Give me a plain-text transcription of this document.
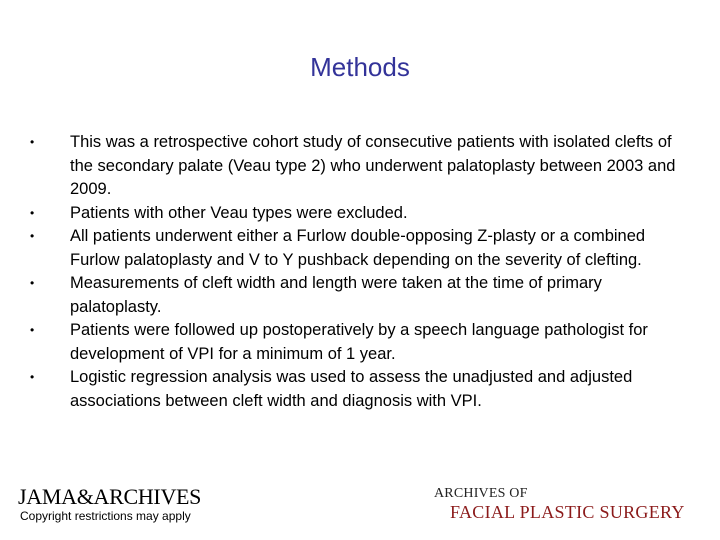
Methods
• This was a retrospective cohort study of consecutive patients with isolated clefts of the secondary palate (Veau type 2) who underwent palatoplasty between 2003 and 2009.
• Patients with other Veau types were excluded.
• All patients underwent either a Furlow double-opposing Z-plasty or a combined Furlow palatoplasty and V to Y pushback depending on the severity of clefting.
• Measurements of cleft width and length were taken at the time of primary palatoplasty.
• Patients were followed up postoperatively by a speech language pathologist for development of VPI for a minimum of 1 year.
• Logistic regression analysis was used to assess the unadjusted and adjusted associations between cleft width and diagnosis with VPI.
JAMA&ARCHIVES
Copyright restrictions may apply
ARCHIVES OF
FACIAL PLASTIC SURGERY
